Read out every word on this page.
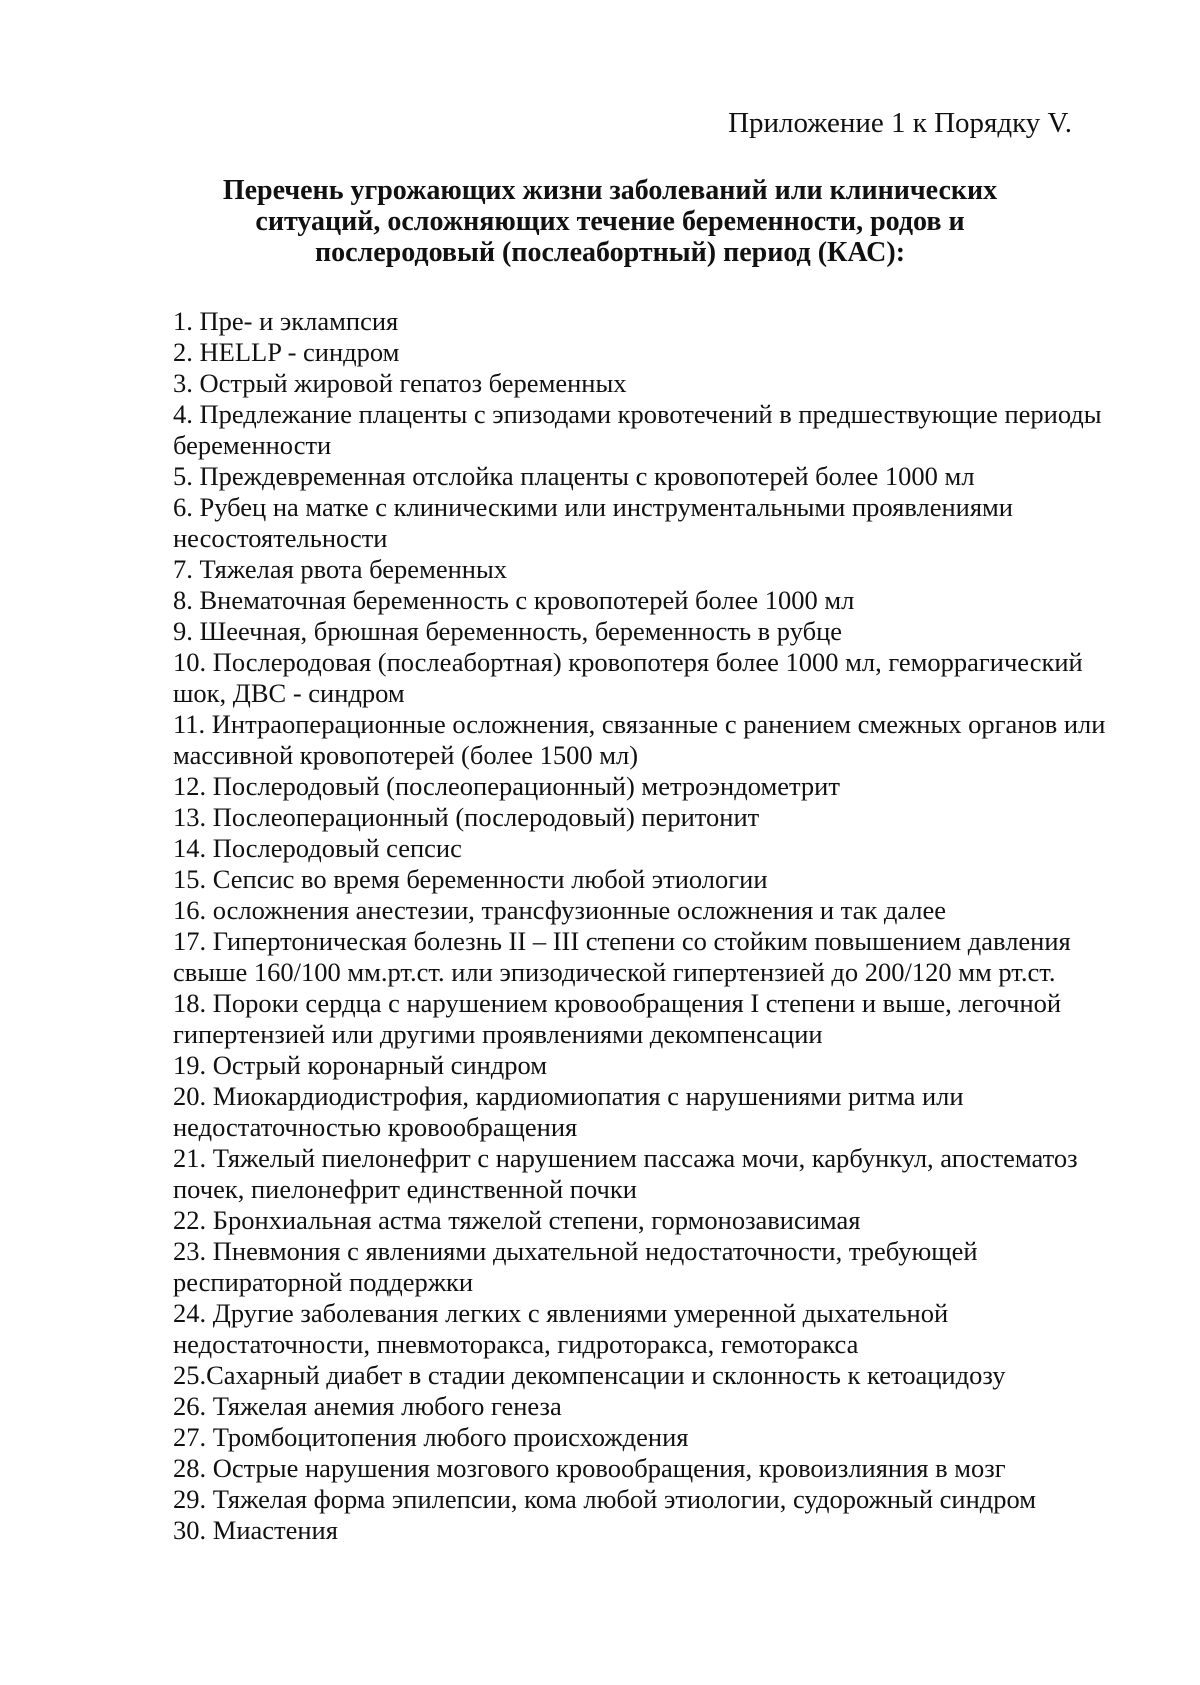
Приложение 1 к Порядку V.
Перечень угрожающих жизни заболеваний или клинических
ситуаций, осложняющих течение беременности, родов и
послеродовый (послеабортный) период (КАС):
1. Пре- и эклампсия
2. HELLP - синдром
3. Острый жировой гепатоз беременных
4. Предлежание плаценты с эпизодами кровотечений в предшествующие периоды беременности
5. Преждевременная отслойка плаценты с кровопотерей более 1000 мл
6. Рубец на матке с клиническими или инструментальными проявлениями несостоятельности
7. Тяжелая рвота беременных
8. Внематочная беременность с кровопотерей более 1000 мл
9. Шеечная, брюшная беременность, беременность в рубце
10. Послеродовая (послеабортная) кровопотеря более 1000 мл, геморрагический шок, ДВС - синдром
11. Интраоперационные осложнения, связанные с ранением смежных органов или массивной кровопотерей (более 1500 мл)
12. Послеродовый (послеоперационный) метроэндометрит
13. Послеоперационный (послеродовый) перитонит
14. Послеродовый сепсис
15. Сепсис во время беременности любой этиологии
16. осложнения анестезии, трансфузионные осложнения и так далее
17. Гипертоническая болезнь II – III степени со стойким повышением давления свыше 160/100 мм.рт.ст. или эпизодической гипертензией до 200/120 мм рт.ст.
18. Пороки сердца с нарушением кровообращения I степени и выше, легочной гипертензией или другими проявлениями декомпенсации
19. Острый коронарный синдром
20. Миокардиодистрофия, кардиомиопатия с нарушениями ритма или недостаточностью кровообращения
21. Тяжелый пиелонефрит с нарушением пассажа мочи, карбункул, апостематоз почек, пиелонефрит единственной почки
22. Бронхиальная астма тяжелой степени, гормонозависимая
23. Пневмония с явлениями дыхательной недостаточности, требующей респираторной поддержки
24. Другие заболевания легких с явлениями умеренной дыхательной недостаточности, пневмоторакса, гидроторакса, гемоторакса
25.Сахарный диабет в стадии декомпенсации и склонность к кетоацидозу
26. Тяжелая анемия любого генеза
27. Тромбоцитопения любого происхождения
28. Острые нарушения мозгового кровообращения, кровоизлияния в мозг
29. Тяжелая форма эпилепсии, кома любой этиологии, судорожный синдром
30. Миастения
